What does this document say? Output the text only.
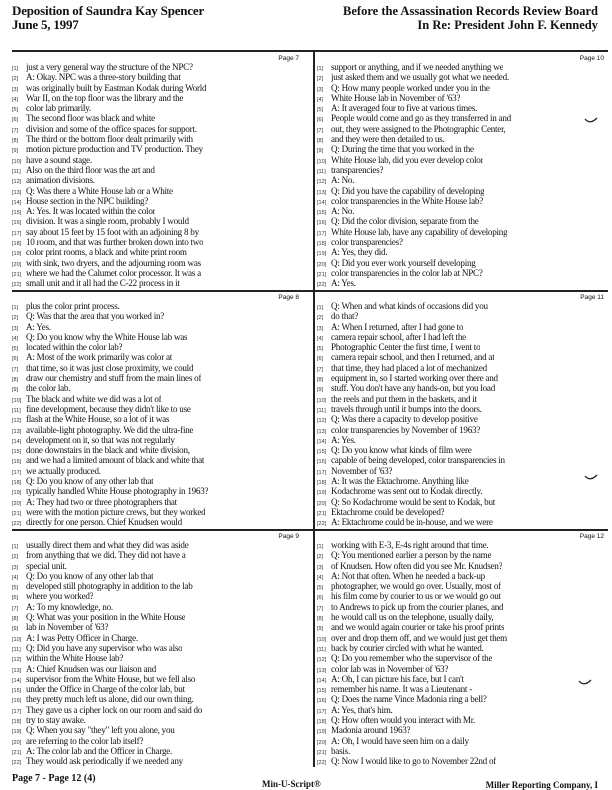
Deposition of Saundra Kay Spencer
June 5, 1997
Before the Assassination Records Review Board
In Re: President John F. Kennedy
Page 7
[1] just a very general way the structure of the NPC?
[2] A: Okay. NPC was a three-story building that
[3] was originally built by Eastman Kodak during World
[4] War II, on the top floor was the library and the
[5] color lab primarily.
[6] The second floor was black and white
[7] division and some of the office spaces for support.
[8] The third or the bottom floor dealt primarily with
[9] motion picture production and TV production. They
[10] have a sound stage.
[11] Also on the third floor was the art and
[12] animation divisions.
[13] Q: Was there a White House lab or a White
[14] House section in the NPC building?
[15] A: Yes. It was located within the color
[16] division. It was a single room, probably I would
[17] say about 15 feet by 15 foot with an adjoining 8 by
[18] 10 room, and that was further broken down into two
[19] color print rooms, a black and white print room
[20] with sink, two dryers, and the adjourning room was
[21] where we had the Calumet color processor. It was a
[22] small unit and it all had the C-22 process in it
Page 10
[1] support or anything, and if we needed anything we
[2] just asked them and we usually got what we needed.
[3] Q: How many people worked under you in the
[4] White House lab in November of '63?
[5] A: It averaged four to five at various times.
[6] People would come and go as they transferred in and
[7] out, they were assigned to the Photographic Center,
[8] and they were then detailed to us.
[9] Q: During the time that you worked in the
[10] White House lab, did you ever develop color
[11] transparencies?
[12] A: No.
[13] Q: Did you have the capability of developing
[14] color transparencies in the White House lab?
[15] A: No.
[16] Q: Did the color division, separate from the
[17] White House lab, have any capability of developing
[18] color transparencies?
[19] A: Yes, they did.
[20] Q: Did you ever work yourself developing
[21] color transparencies in the color lab at NPC?
[22] A: Yes.
Page 8
[1] plus the color print process.
[2] Q: Was that the area that you worked in?
[3] A: Yes.
[4] Q: Do you know why the White House lab was
[5] located within the color lab?
[6] A: Most of the work primarily was color at
[7] that time, so it was just close proximity, we could
[8] draw our chemistry and stuff from the main lines of
[9] the color lab.
[10] The black and white we did was a lot of
[11] fine development, because they didn't like to use
[12] flash at the White House, so a lot of it was
[13] available-light photography. We did the ultra-fine
[14] development on it, so that was not regularly
[15] done downstairs in the black and white division,
[16] and we had a limited amount of black and white that
[17] we actually produced.
[18] Q: Do you know of any other lab that
[19] typically handled White House photography in 1963?
[20] A: They had two or three photographers that
[21] were with the motion picture crews, but they worked
[22] directly for one person. Chief Knudsen would
Page 11
[1] Q: When and what kinds of occasions did you
[2] do that?
[3] A: When I returned, after I had gone to
[4] camera repair school, after I had left the
[5] Photographic Center the first time, I went to
[6] camera repair school, and then I returned, and at
[7] that time, they had placed a lot of mechanized
[8] equipment in, so I started working over there and
[9] stuff. You don't have any hands-on, but you load
[10] the reels and put them in the baskets, and it
[11] travels through until it bumps into the doors.
[12] Q: Was there a capacity to develop positive
[13] color transparencies by November of 1963?
[14] A: Yes.
[15] Q: Do you know what kinds of film were
[16] capable of being developed, color transparencies in
[17] November of '63?
[18] A: It was the Ektachrome. Anything like
[19] Kodachrome was sent out to Kodak directly.
[20] Q: So Kodachrome would be sent to Kodak, but
[21] Ektachrome could be developed?
[22] A: Ektachrome could be in-house, and we were
Page 9
[1] usually direct them and what they did was aside
[2] from anything that we did. They did not have a
[3] special unit.
[4] Q: Do you know of any other lab that
[5] developed still photography in addition to the lab
[6] where you worked?
[7] A: To my knowledge, no.
[8] Q: What was your position in the White House
[9] lab in November of '63?
[10] A: I was Petty Officer in Charge.
[11] Q: Did you have any supervisor who was also
[12] within the White House lab?
[13] A: Chief Knudsen was our liaison and
[14] supervisor from the White House, but we fell also
[15] under the Office in Charge of the color lab, but
[16] they pretty much left us alone, did our own thing.
[17] They gave us a cipher lock on our room and said do
[18] try to stay awake.
[19] Q: When you say "they" left you alone, you
[20] are referring to the color lab itself?
[21] A: The color lab and the Officer in Charge.
[22] They would ask periodically if we needed any
Page 12
[1] working with E-3, E-4s right around that time.
[2] Q: You mentioned earlier a person by the name
[3] of Knudsen. How often did you see Mr. Knudsen?
[4] A: Not that often. When he needed a back-up
[5] photographer, we would go over. Usually, most of
[6] his film come by courier to us or we would go out
[7] to Andrews to pick up from the courier planes, and
[8] he would call us on the telephone, usually daily,
[9] and we would again courier or take his proof prints
[10] over and drop them off, and we would just get them
[11] back by courier circled with what he wanted.
[12] Q: Do you remember who the supervisor of the
[13] color lab was in November of '63?
[14] A: Oh, I can picture his face, but I can't
[15] remember his name. It was a Lieutenant -
[16] Q: Does the name Vince Madonia ring a bell?
[17] A: Yes, that's him.
[18] Q: How often would you interact with Mr.
[19] Madonia around 1963?
[20] A: Oh, I would have seen him on a daily
[21] basis.
[22] Q: Now I would like to go to November 22nd of
Page 7 - Page 12 (4)	Min-U-Script®	Miller Reporting Company, I
